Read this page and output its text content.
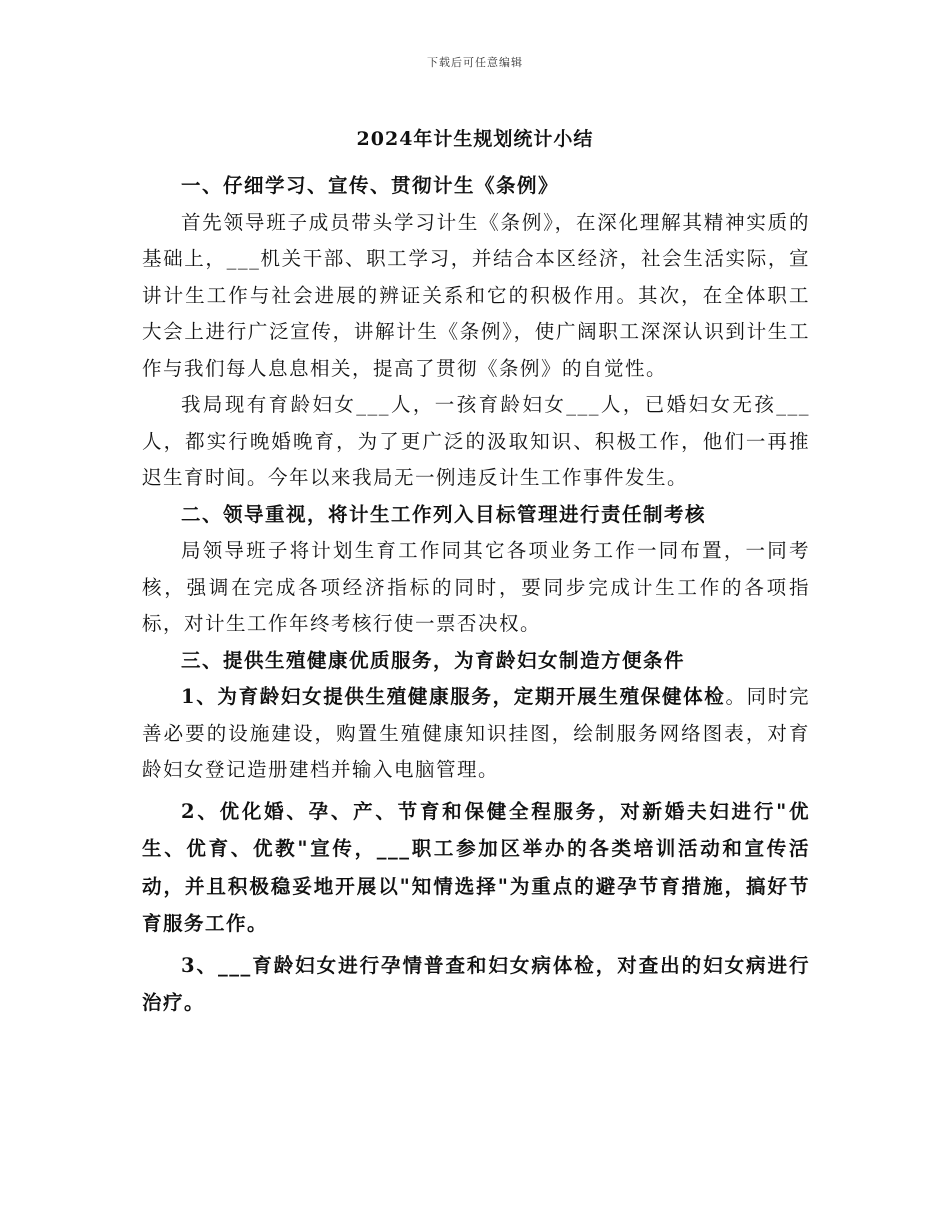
下载后可任意编辑
2024年计生规划统计小结

一、仔细学习、宣传、贯彻计生《条例》

首先领导班子成员带头学习计生《条例》，在深化理解其精神实质的基础上，___机关干部、职工学习，并结合本区经济，社会生活实际，宣讲计生工作与社会进展的辨证关系和它的积极作用。其次，在全体职工大会上进行广泛宣传，讲解计生《条例》，使广阔职工深深认识到计生工作与我们每人息息相关，提高了贯彻《条例》的自觉性。

我局现有育龄妇女___人，一孩育龄妇女___人，已婚妇女无孩___人，都实行晚婚晚育，为了更广泛的汲取知识、积极工作，他们一再推迟生育时间。今年以来我局无一例违反计生工作事件发生。

二、领导重视，将计生工作列入目标管理进行责任制考核

局领导班子将计划生育工作同其它各项业务工作一同布置，一同考核，强调在完成各项经济指标的同时，要同步完成计生工作的各项指标，对计生工作年终考核行使一票否决权。

三、提供生殖健康优质服务，为育龄妇女制造方便条件

1、为育龄妇女提供生殖健康服务，定期开展生殖保健体检。同时完善必要的设施建设，购置生殖健康知识挂图，绘制服务网络图表，对育龄妇女登记造册建档并输入电脑管理。

2、优化婚、孕、产、节育和保健全程服务，对新婚夫妇进行"优生、优育、优教"宣传，___职工参加区举办的各类培训活动和宣传活动，并且积极稳妥地开展以"知情选择"为重点的避孕节育措施，搞好节育服务工作。

3、___育龄妇女进行孕情普查和妇女病体检，对查出的妇女病进行治疗。
